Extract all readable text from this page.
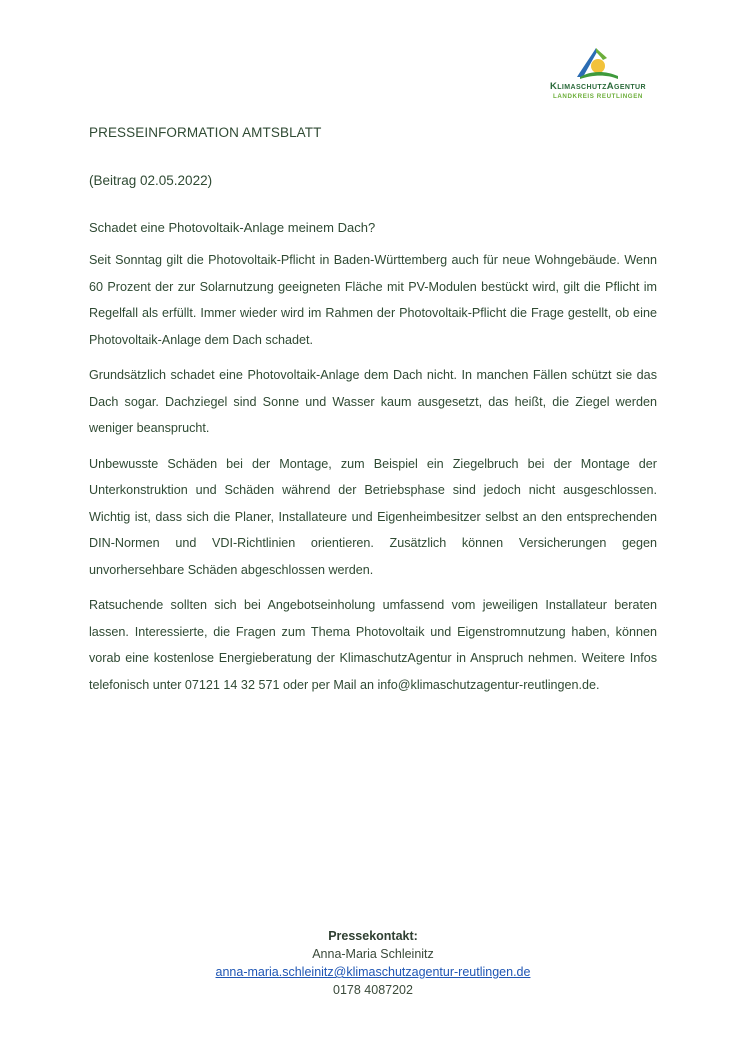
KlimaschutzAgentur
LANDKREIS REUTLINGEN
PRESSEINFORMATION AMTSBLATT
(Beitrag 02.05.2022)
Schadet eine Photovoltaik-Anlage meinem Dach?

Seit Sonntag gilt die Photovoltaik-Pflicht in Baden-Württemberg auch für neue Wohngebäude. Wenn 60 Prozent der zur Solarnutzung geeigneten Fläche mit PV-Modulen bestückt wird, gilt die Pflicht im Regelfall als erfüllt. Immer wieder wird im Rahmen der Photovoltaik-Pflicht die Frage gestellt, ob eine Photovoltaik-Anlage dem Dach schadet.

Grundsätzlich schadet eine Photovoltaik-Anlage dem Dach nicht. In manchen Fällen schützt sie das Dach sogar. Dachziegel sind Sonne und Wasser kaum ausgesetzt, das heißt, die Ziegel werden weniger beansprucht.

Unbewusste Schäden bei der Montage, zum Beispiel ein Ziegelbruch bei der Montage der Unterkonstruktion und Schäden während der Betriebsphase sind jedoch nicht ausgeschlossen. Wichtig ist, dass sich die Planer, Installateure und Eigenheimbesitzer selbst an den entsprechenden DIN-Normen und VDI-Richtlinien orientieren. Zusätzlich können Versicherungen gegen unvorhersehbare Schäden abgeschlossen werden.

Ratsuchende sollten sich bei Angebotseinholung umfassend vom jeweiligen Installateur beraten lassen. Interessierte, die Fragen zum Thema Photovoltaik und Eigenstromnutzung haben, können vorab eine kostenlose Energieberatung der KlimaschutzAgentur in Anspruch nehmen. Weitere Infos telefonisch unter 07121 14 32 571 oder per Mail an info@klimaschutzagentur-reutlingen.de.

Pressekontakt:
Anna-Maria Schleinitz
anna-maria.schleinitz@klimaschutzagentur-reutlingen.de
0178 4087202
